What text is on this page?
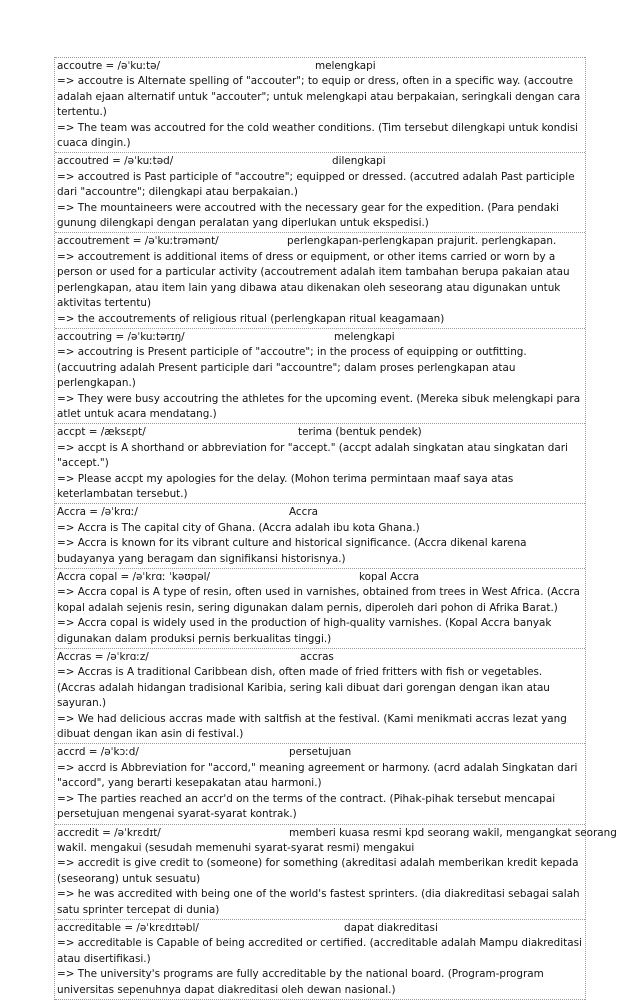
accoutre = /əˈkuːtə/	melengkapi
=> accoutre is Alternate spelling of "accouter"; to equip or dress, often in a specific way. (accoutre adalah ejaan alternatif untuk "accouter"; untuk melengkapi atau berpakaian, seringkali dengan cara tertentu.)
=> The team was accoutred for the cold weather conditions. (Tim tersebut dilengkapi untuk kondisi cuaca dingin.)
accoutred = /əˈkuːtəd/	dilengkapi
=> accoutred is Past participle of "accoutre"; equipped or dressed. (accutred adalah Past participle dari "accountre"; dilengkapi atau berpakaian.)
=> The mountaineers were accoutred with the necessary gear for the expedition. (Para pendaki gunung dilengkapi dengan peralatan yang diperlukan untuk ekspedisi.)
accoutrement = /əˈkuːtrəmənt/	perlengkapan-perlengkapan prajurit. perlengkapan.
=> accoutrement is additional items of dress or equipment, or other items carried or worn by a person or used for a particular activity (accoutrement adalah item tambahan berupa pakaian atau perlengkapan, atau item lain yang dibawa atau dikenakan oleh seseorang atau digunakan untuk aktivitas tertentu)
=> the accoutrements of religious ritual (perlengkapan ritual keagamaan)
accoutring = /əˈkuːtərɪŋ/	melengkapi
=> accoutring is Present participle of "accoutre"; in the process of equipping or outfitting. (accuutring adalah Present participle dari "accountre"; dalam proses perlengkapan atau perlengkapan.)
=> They were busy accoutring the athletes for the upcoming event. (Mereka sibuk melengkapi para atlet untuk acara mendatang.)
accpt = /æksɛpt/	terima (bentuk pendek)
=> accpt is A shorthand or abbreviation for "accept." (accpt adalah singkatan atau singkatan dari "accept.")
=> Please accpt my apologies for the delay. (Mohon terima permintaan maaf saya atas keterlambatan tersebut.)
Accra = /əˈkrɑː/	Accra
=> Accra is The capital city of Ghana. (Accra adalah ibu kota Ghana.)
=> Accra is known for its vibrant culture and historical significance. (Accra dikenal karena budayanya yang beragam dan signifikansi historisnya.)
Accra copal = /əˈkrɑː ˈkəʊpəl/	kopal Accra
=> Accra copal is A type of resin, often used in varnishes, obtained from trees in West Africa. (Accra kopal adalah sejenis resin, sering digunakan dalam pernis, diperoleh dari pohon di Afrika Barat.)
=> Accra copal is widely used in the production of high-quality varnishes. (Kopal Accra banyak digunakan dalam produksi pernis berkualitas tinggi.)
Accras = /əˈkrɑːz/	accras
=> Accras is A traditional Caribbean dish, often made of fried fritters with fish or vegetables. (Accras adalah hidangan tradisional Karibia, sering kali dibuat dari gorengan dengan ikan atau sayuran.)
=> We had delicious accras made with saltfish at the festival. (Kami menikmati accras lezat yang dibuat dengan ikan asin di festival.)
accrd = /əˈkɔːd/	persetujuan
=> accrd is Abbreviation for "accord," meaning agreement or harmony. (acrd adalah Singkatan dari "accord", yang berarti kesepakatan atau harmoni.)
=> The parties reached an accr'd on the terms of the contract. (Pihak-pihak tersebut mencapai persetujuan mengenai syarat-syarat kontrak.)
accredit = /əˈkrɛdɪt/	memberi kuasa resmi kpd seorang wakil, mengangkat seorang
wakil. mengakui (sesudah memenuhi syarat-syarat resmi) mengakui
=> accredit is give credit to (someone) for something (akreditasi adalah memberikan kredit kepada (seseorang) untuk sesuatu)
=> he was accredited with being one of the world's fastest sprinters. (dia diakreditasi sebagai salah satu sprinter tercepat di dunia)
accreditable = /əˈkrɛdɪtəbl/	dapat diakreditasi
=> accreditable is Capable of being accredited or certified. (accreditable adalah Mampu diakreditasi atau disertifikasi.)
=> The university's programs are fully accreditable by the national board. (Program-program universitas sepenuhnya dapat diakreditasi oleh dewan nasional.)
